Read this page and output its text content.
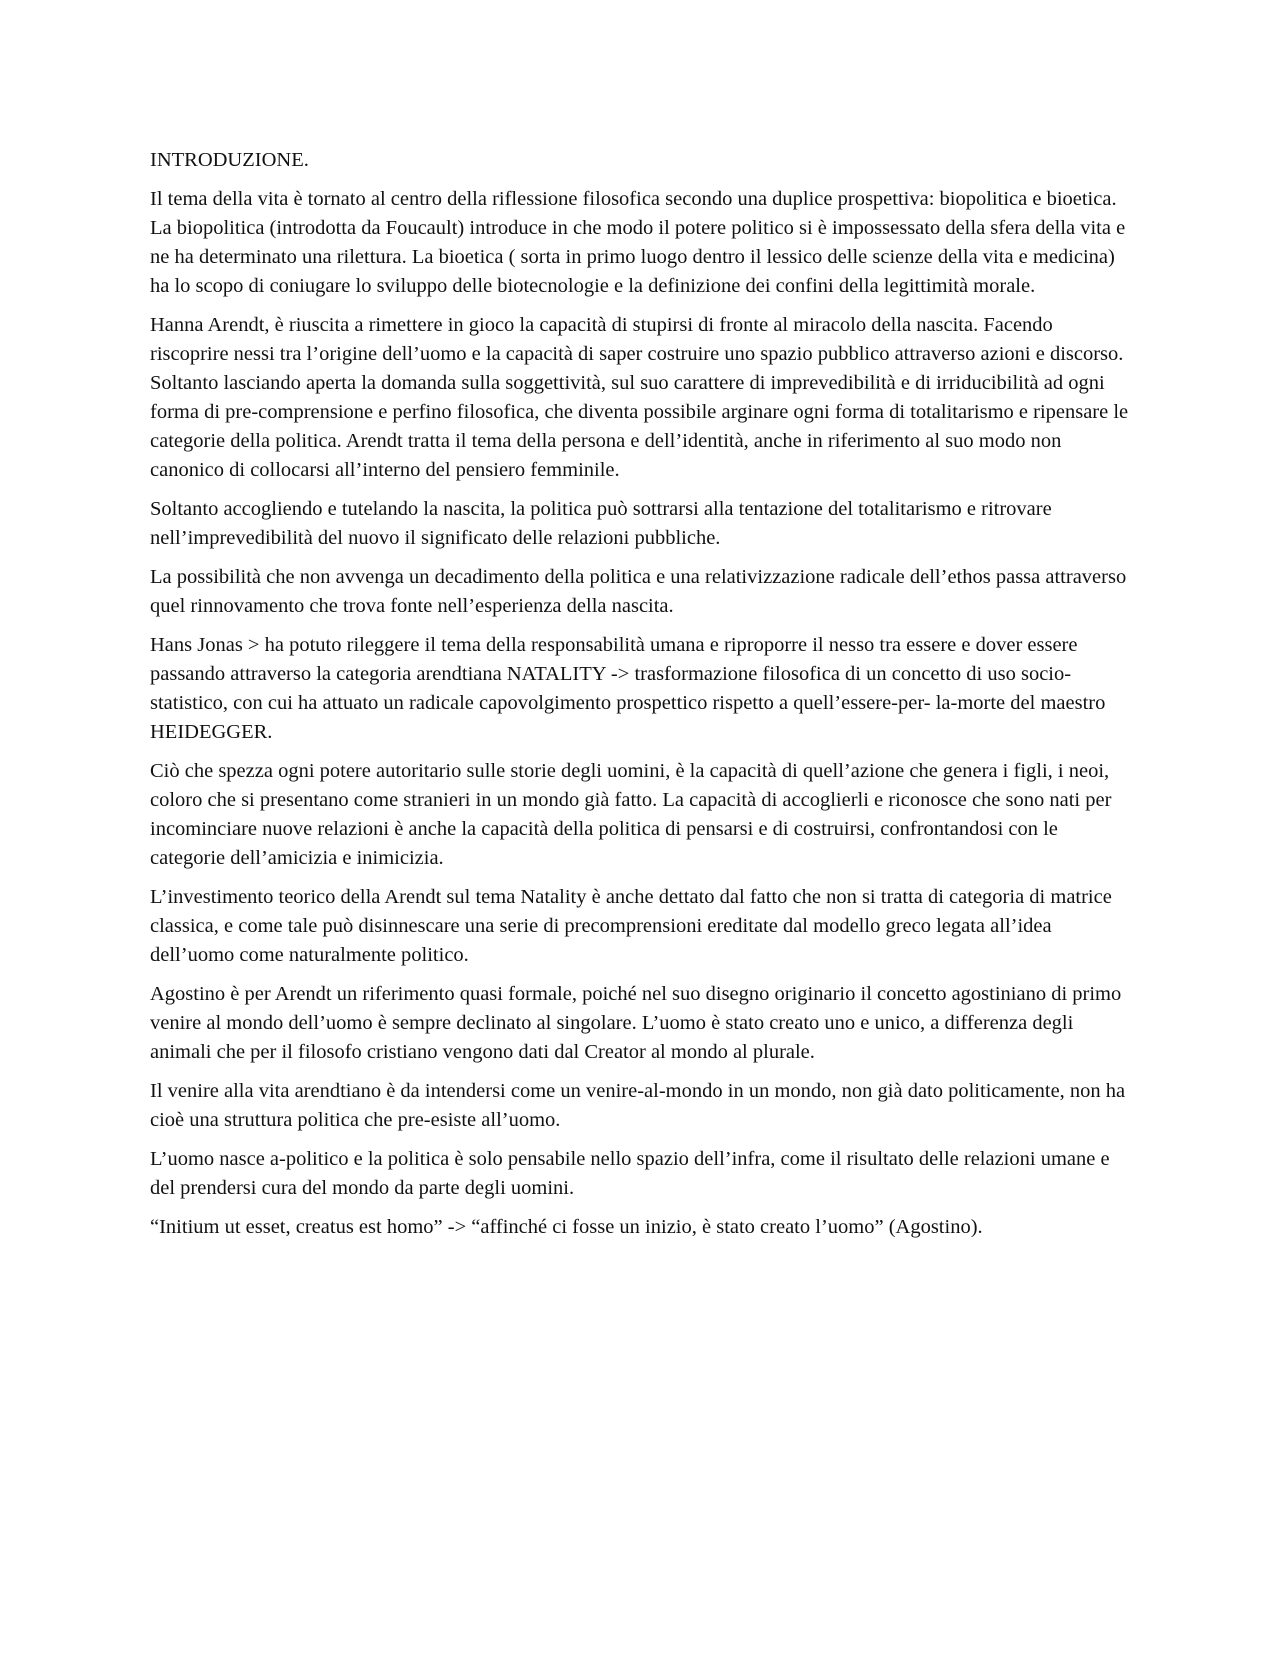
INTRODUZIONE.

Il tema della vita è tornato al centro della riflessione filosofica secondo una duplice prospettiva: biopolitica e bioetica. La biopolitica (introdotta da Foucault) introduce in che modo il potere politico si è impossessato della sfera della vita e ne ha determinato una rilettura. La bioetica ( sorta in primo luogo dentro il lessico delle scienze della vita e medicina) ha lo scopo di coniugare lo sviluppo delle biotecnologie e la definizione dei confini della legittimità morale.

Hanna Arendt, è riuscita a rimettere in gioco la capacità di stupirsi di fronte al miracolo della nascita. Facendo riscoprire nessi tra l’origine dell’uomo e la capacità di saper costruire uno spazio pubblico attraverso azioni e discorso. Soltanto lasciando aperta la domanda sulla soggettività, sul suo carattere di imprevedibilità e di irriducibilità ad ogni forma di pre-comprensione e perfino filosofica, che diventa possibile arginare ogni forma di totalitarismo e ripensare le categorie della politica. Arendt tratta il tema della persona e dell’identità, anche in riferimento al suo modo non canonico di collocarsi all’interno del pensiero femminile.

Soltanto accogliendo e tutelando la nascita, la politica può sottrarsi alla tentazione del totalitarismo e ritrovare nell’imprevedibilità del nuovo il significato delle relazioni pubbliche.

La possibilità che non avvenga un decadimento della politica e una relativizzazione radicale dell’ethos passa attraverso quel rinnovamento che trova fonte nell’esperienza della nascita.

Hans Jonas > ha potuto rileggere il tema della responsabilità umana e riproporre il nesso tra essere e dover essere passando attraverso la categoria arendtiana NATALITY -> trasformazione filosofica di un concetto di uso socio-statistico, con cui ha attuato un radicale capovolgimento prospettico rispetto a quell’essere-per- la-morte del maestro HEIDEGGER.

Ciò che spezza ogni potere autoritario sulle storie degli uomini, è la capacità di quell’azione che genera i figli, i neoi, coloro che si presentano come stranieri in un mondo già fatto. La capacità di accoglierli e riconosce che sono nati per incominciare nuove relazioni è anche la capacità della politica di pensarsi e di costruirsi, confrontandosi con le categorie dell’amicizia e inimicizia.

L’investimento teorico della Arendt sul tema Natality è anche dettato dal fatto che non si tratta di categoria di matrice classica, e come tale può disinnescare una serie di precomprensioni ereditate dal modello greco legata all’idea dell’uomo come naturalmente politico.

Agostino è per Arendt un riferimento quasi formale, poiché nel suo disegno originario il concetto agostiniano di primo venire al mondo dell’uomo è sempre declinato al singolare. L’uomo è stato creato uno e unico, a differenza degli animali che per il filosofo cristiano vengono dati dal Creator al mondo al plurale.

Il venire alla vita arendtiano è da intendersi come un venire-al-mondo in un mondo, non già dato politicamente, non ha cioè una struttura politica che pre-esiste all’uomo.

L’uomo nasce a-politico e la politica è solo pensabile nello spazio dell’infra, come il risultato delle relazioni umane e del prendersi cura del mondo da parte degli uomini.

“Initium ut esset, creatus est homo” -> “affinché ci fosse un inizio, è stato creato l’uomo” (Agostino).
